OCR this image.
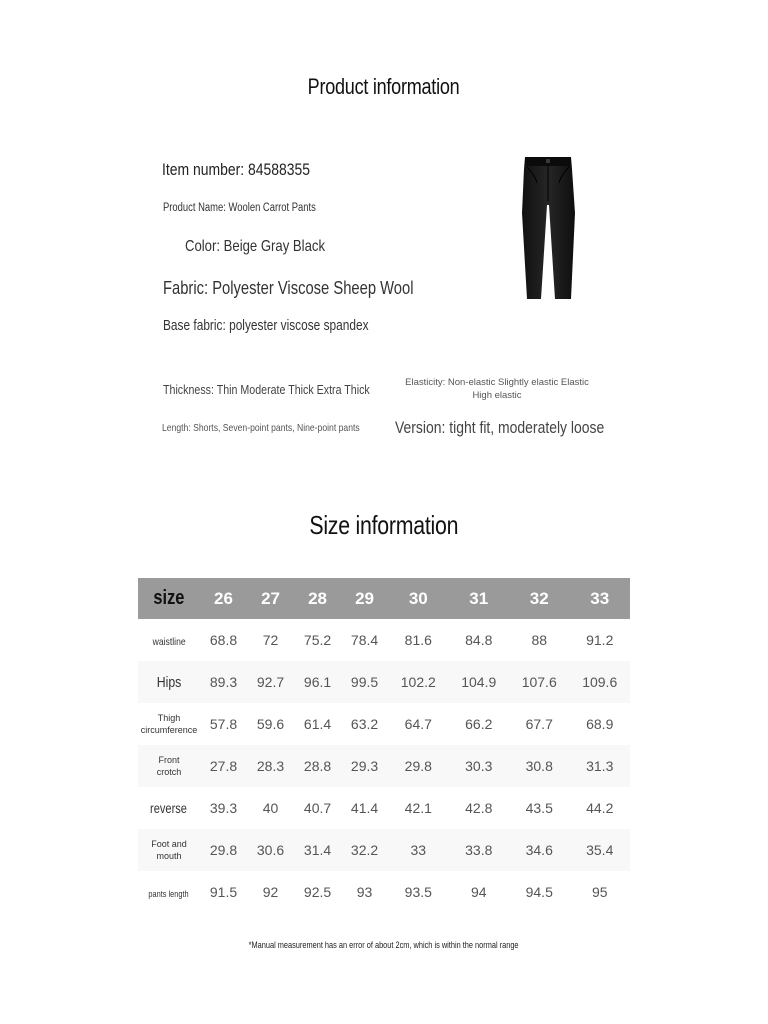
Product information
Item number: 84588355
Product Name: Woolen Carrot Pants
Color: Beige Gray Black
Fabric: Polyester Viscose Sheep Wool
Base fabric: polyester viscose spandex
Thickness: Thin Moderate Thick Extra Thick	Elasticity: Non-elastic Slightly elastic Elastic High elastic
Length: Shorts, Seven-point pants, Nine-point pants	Version: tight fit, moderately loose
Size information
size	26	27	28	29	30	31	32	33
waistline	68.8	72	75.2	78.4	81.6	84.8	88	91.2
Hips	89.3	92.7	96.1	99.5	102.2	104.9	107.6	109.6

Thigh circumference	57.8	59.6	61.4	63.2	64.7	66.2	67.7	68.9

Front crotch	27.8	28.3	28.8	29.3	29.8	30.3	30.8	31.3
reverse	39.3	40	40.7	41.4	42.1	42.8	43.5	44.2

Foot and mouth	29.8	30.6	31.4	32.2	33	33.8	34.6	35.4
pants length	91.5	92	92.5	93	93.5	94	94.5	95
*Manual measurement has an error of about 2cm, which is within the normal range
